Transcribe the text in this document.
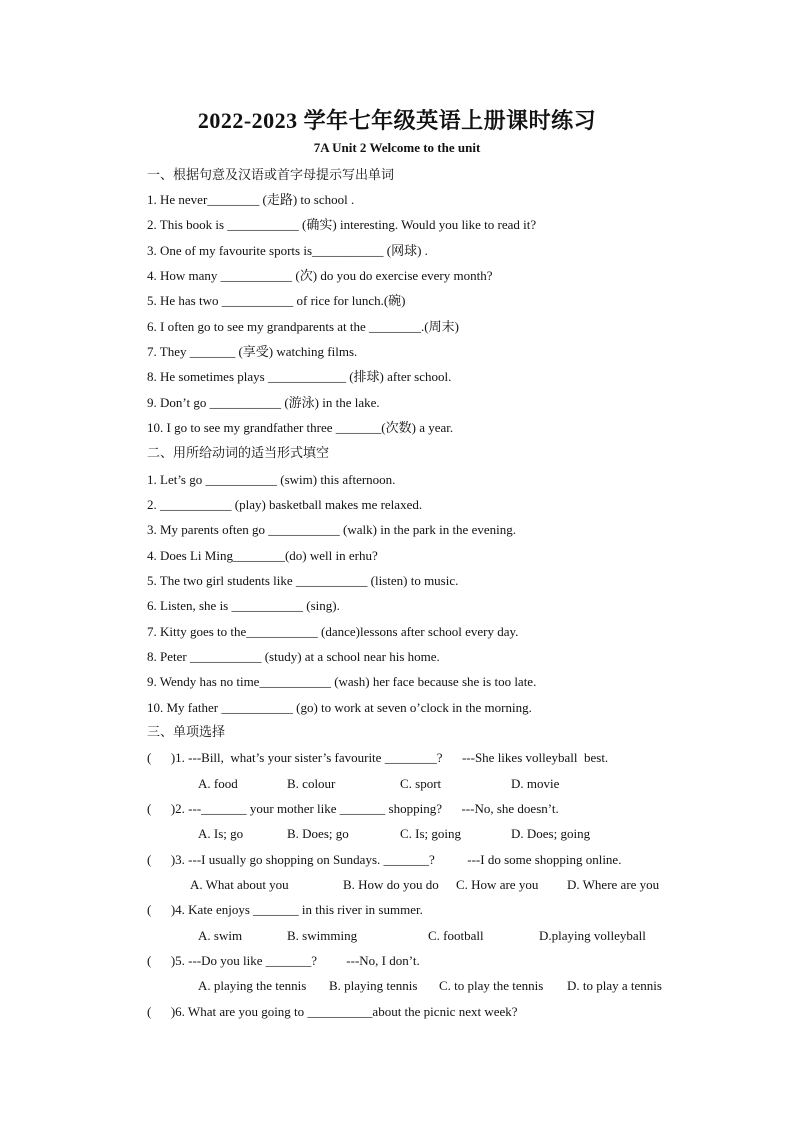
2022-2023 学年七年级英语上册课时练习
7A Unit 2 Welcome to the unit
一、根据句意及汉语或首字母提示写出单词
1. He never________ (走路) to school .
2. This book is ___________ (确实) interesting. Would you like to read it?
3. One of my favourite sports is___________ (网球) .
4. How many ___________ (次) do you do exercise every month?
5. He has two ___________ of rice for lunch.(碗)
6. I often go to see my grandparents at the ________.(周末)
7. They _______ (享受) watching films.
8. He sometimes plays ____________ (排球) after school.
9. Don’t go ___________ (游泳) in the lake.
10. I go to see my grandfather three _______(次数) a year.
二、用所给动词的适当形式填空
1. Let’s go ___________ (swim) this afternoon.
2. ___________ (play) basketball makes me relaxed.
3. My parents often go ___________ (walk) in the park in the evening.
4. Does Li Ming________(do) well in erhu?
5. The two girl students like ___________ (listen) to music.
6. Listen, she is ___________ (sing).
7. Kitty goes to the___________ (dance)lessons after school every day.
8. Peter ___________ (study) at a school near his home.
9. Wendy has no time___________ (wash) her face because she is too late.
10. My father ___________ (go) to work at seven o’clock in the morning.
三、单项选择
(      )1. ---Bill,  what’s your sister’s favourite ________?      ---She likes volleyball  best.

A. food

	B. colour

	C. sport

	D. movie

(      )2. ---_______ your mother like _______ shopping?      ---No, she doesn’t.

A. Is; go

	B. Does; go

	C. Is; going

	D. Does; going

(      )3. ---I usually go shopping on Sundays. _______?          ---I do some shopping online.

A. What about you

	B. How do you do

C. How are you

D. Where are you

(      )4. Kate enjoys _______ in this river in summer.

A. swim

	B. swimming

	C. football

	D.playing volleyball

(      )5. ---Do you like _______?         ---No, I don’t.

A. playing the tennis

B. playing tennis

C. to play the tennis

D. to play a tennis

(      )6. What are you going to __________about the picnic next week?
